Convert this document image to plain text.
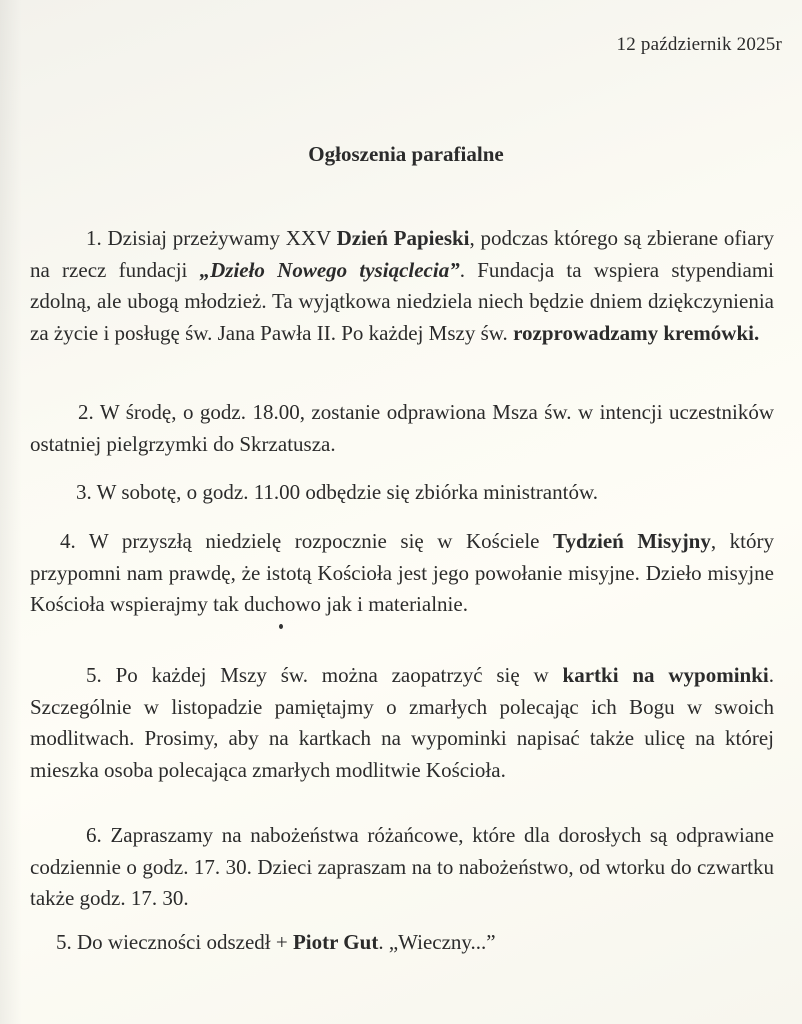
12 październik 2025r
Ogłoszenia parafialne
1. Dzisiaj przeżywamy XXV Dzień Papieski, podczas którego są zbierane ofiary na rzecz fundacji „Dzieło Nowego tysiąclecia”. Fundacja ta wspiera stypendiami zdolną, ale ubogą młodzież. Ta wyjątkowa niedziela niech będzie dniem dziękczynienia za życie i posługę św. Jana Pawła II. Po każdej Mszy św. rozprowadzamy kremówki.
2. W środę, o godz. 18.00, zostanie odprawiona Msza św. w intencji uczestników ostatniej pielgrzymki do Skrzatusza.
3. W sobotę, o godz. 11.00 odbędzie się zbiórka ministrantów.
4. W przyszłą niedzielę rozpocznie się w Kościele Tydzień Misyjny, który przypomni nam prawdę, że istotą Kościoła jest jego powołanie misyjne. Dzieło misyjne Kościoła wspierajmy tak duchowo jak i materialnie.
5. Po każdej Mszy św. można zaopatrzyć się w kartki na wypominki. Szczególnie w listopadzie pamiętajmy o zmarłych polecając ich Bogu w swoich modlitwach. Prosimy, aby na kartkach na wypominki napisać także ulicę na której mieszka osoba polecająca zmarłych modlitwie Kościoła.
6. Zapraszamy na nabożeństwa różańcowe, które dla dorosłych są odprawiane codziennie o godz. 17. 30. Dzieci zapraszam na to nabożeństwo, od wtorku do czwartku także godz. 17. 30.
5. Do wieczności odszedł + Piotr Gut. „Wieczny...”
